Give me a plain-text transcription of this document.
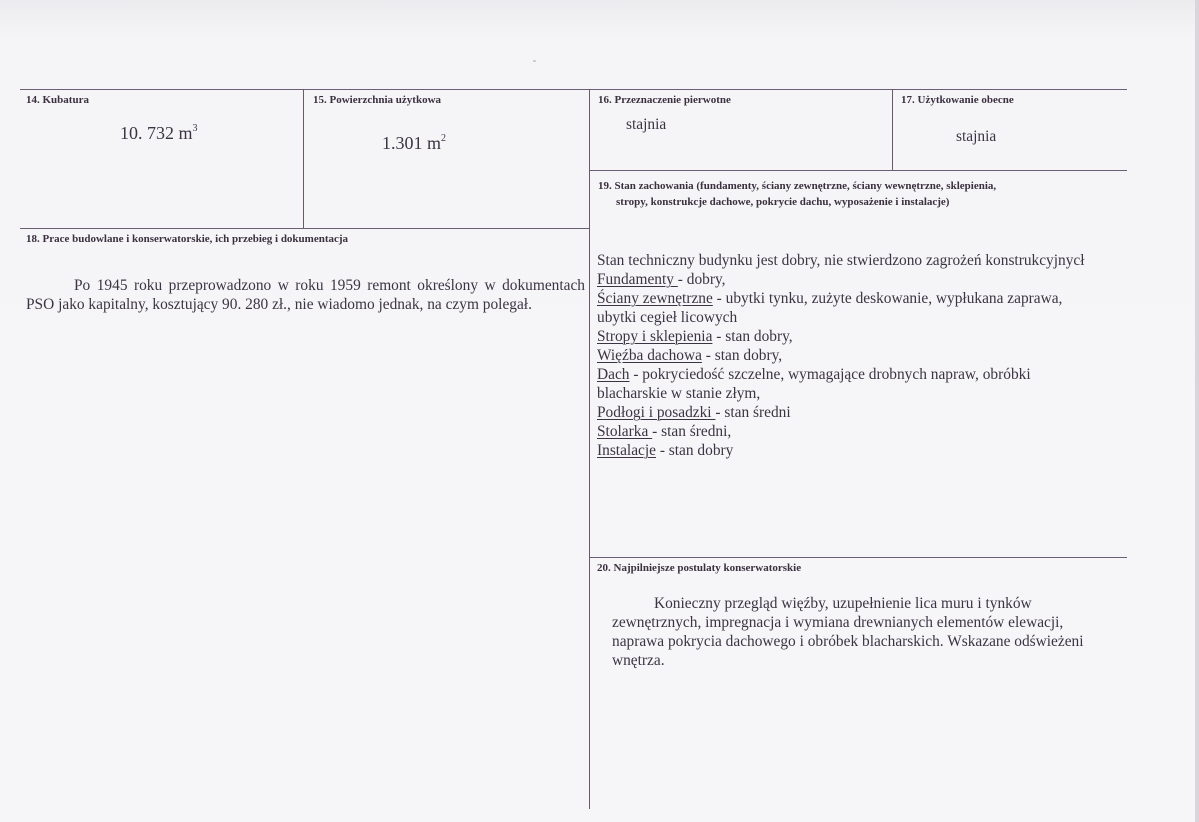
14. Kubatura
10. 732 $m^3$
15. Powierzchnia użytkowa
1.301 $m^2$
16. Przeznaczenie pierwotne
stajnia
17. Użytkowanie obecne
stajnia
18. Prace budowlane i konserwatorskie, ich przebieg i dokumentacja
Po 1945 roku przeprowadzono w roku 1959 remont określony w dokumentach PSO jako kapitalny, kosztujący 90. 280 zł., nie wiadomo jednak, na czym polegał.
19. Stan zachowania (fundamenty, ściany zewnętrzne, ściany wewnętrzne, sklepienia,
stropy, konstrukcje dachowe, pokrycie dachu, wyposażenie i instalacje)
Stan techniczny budynku jest dobry, nie stwierdzono zagrożeń konstrukcyjnycł
Fundamenty - dobry,
Ściany zewnętrzne - ubytki tynku, zużyte deskowanie, wypłukana zaprawa,
ubytki cegieł licowych
Stropy i sklepienia - stan dobry,
Więźba dachowa - stan dobry,
Dach - pokryciedość szczelne, wymagające drobnych napraw, obróbki
blacharskie w stanie złym,
Podłogi i posadzki - stan średni
Stolarka - stan średni,
Instalacje - stan dobry
20. Najpilniejsze postulaty konserwatorskie
Konieczny przegląd więźby, uzupełnienie lica muru i tynków
zewnętrznych, impregnacja i wymiana drewnianych elementów elewacji,
naprawa pokrycia dachowego i obróbek blacharskich. Wskazane odświeżeni
wnętrza.
